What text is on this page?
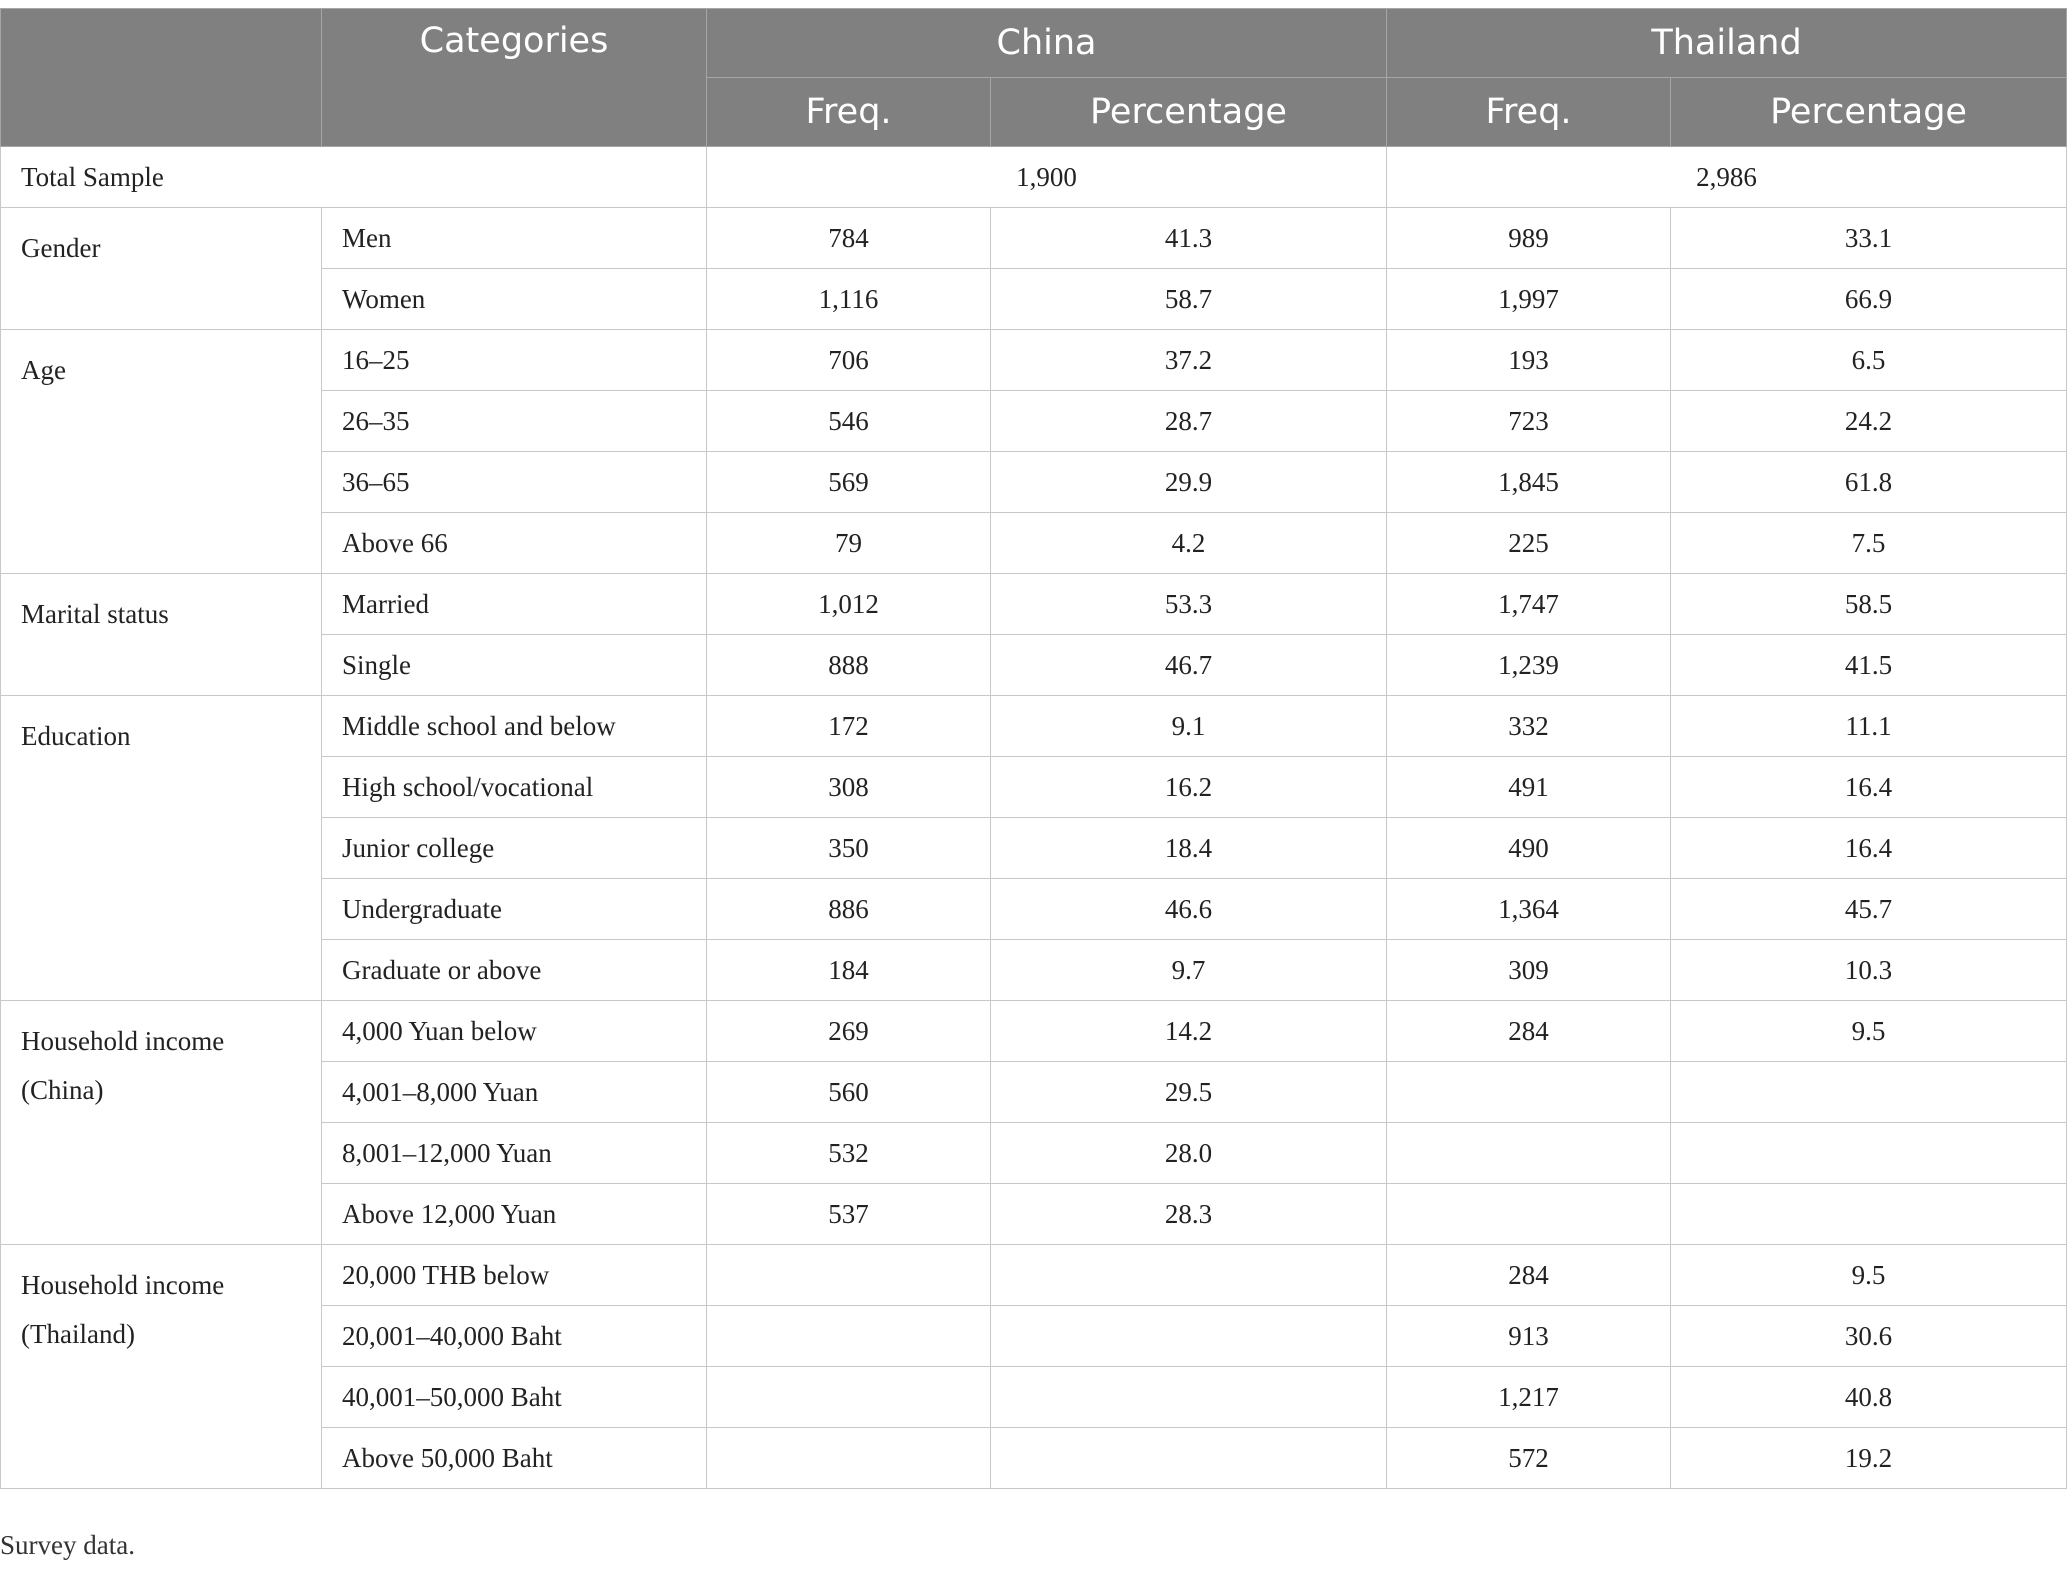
	Categories	China		Thailand	
		Freq.	Percentage	Freq.	Percentage
Total Sample		1,900		2,986	

Gender	Men	784	41.3	989	33.1
	Women	1,116	58.7	1,997	66.9

Age	16–25	706	37.2	193	6.5
	26–35	546	28.7	723	24.2
	36–65	569	29.9	1,845	61.8
	Above 66	79	4.2	225	7.5

Marital status	Married	1,012	53.3	1,747	58.5
	Single	888	46.7	1,239	41.5

Education	Middle school and below	172	9.1	332	11.1
	High school/vocational	308	16.2	491	16.4
	Junior college	350	18.4	490	16.4
	Undergraduate	886	46.6	1,364	45.7
	Graduate or above	184	9.7	309	10.3

Household income
(China)	4,000 Yuan below	269	14.2	284	9.5
	4,001–8,000 Yuan	560	29.5		
	8,001–12,000 Yuan	532	28.0		
	Above 12,000 Yuan	537	28.3		

Household income
(Thailand)	20,000 THB below			284	9.5
	20,001–40,000 Baht			913	30.6
	40,001–50,000 Baht			1,217	40.8
	Above 50,000 Baht			572	19.2
Survey data.
